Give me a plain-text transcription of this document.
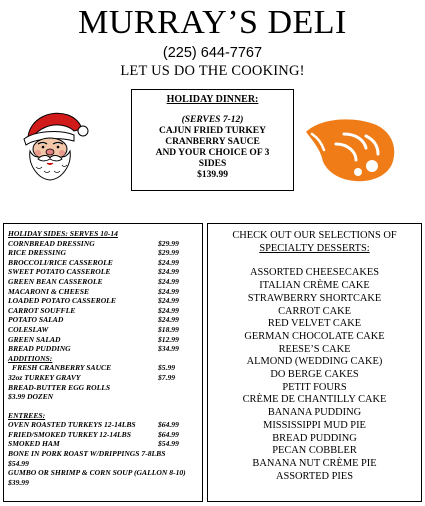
MURRAY’S DELI
(225) 644-7767
LET US DO THE COOKING!
HOLIDAY DINNER:
(SERVES 7-12)
CAJUN FRIED TURKEY
CRANBERRY SAUCE
AND YOUR CHOICE OF 3
SIDES
$139.99
HOLIDAY SIDES: SERVES 10-14
CORNBREAD DRESSING	$29.99
RICE DRESSING	$29.99
BROCCOLI/RICE CASSEROLE	$24.99
SWEET POTATO CASSEROLE	$24.99
GREEN BEAN CASSEROLE	$24.99
MACARONI & CHEESE	$24.99
LOADED POTATO CASSEROLE	$24.99
CARROT SOUFFLE	$24.99
POTATO SALAD	$24.99
COLESLAW	$18.99
GREEN SALAD	$12.99
BREAD PUDDING	$34.99
ADDITIONS:
FRESH CRANBERRY SAUCE	$5.99
32oz TURKEY GRAVY	$7.99
BREAD-BUTTER EGG ROLLS
$3.99 DOZEN
ENTREES:
OVEN ROASTED TURKEYS 12-14LBS	$64.99
FRIED/SMOKED TURKEY 12-14LBS	$64.99
SMOKED HAM	$54.99
BONE IN PORK ROAST W/DRIPPINGS 7-8LBS
$54.99
GUMBO OR SHRIMP & CORN SOUP (GALLON 8-10) $39.99
CHECK OUT OUR SELECTIONS OF
SPECIALTY DESSERTS:
ASSORTED CHEESECAKES
ITALIAN CRÈME CAKE
STRAWBERRY SHORTCAKE
CARROT CAKE
RED VELVET CAKE
GERMAN CHOCOLATE CAKE
REESE’S CAKE
ALMOND (WEDDING CAKE)
DO BERGE CAKES
PETIT FOURS
CRÈME DE CHANTILLY CAKE
BANANA PUDDING
MISSISSIPPI MUD PIE
BREAD PUDDING
PECAN COBBLER
BANANA NUT CRÈME PIE
ASSORTED PIES
